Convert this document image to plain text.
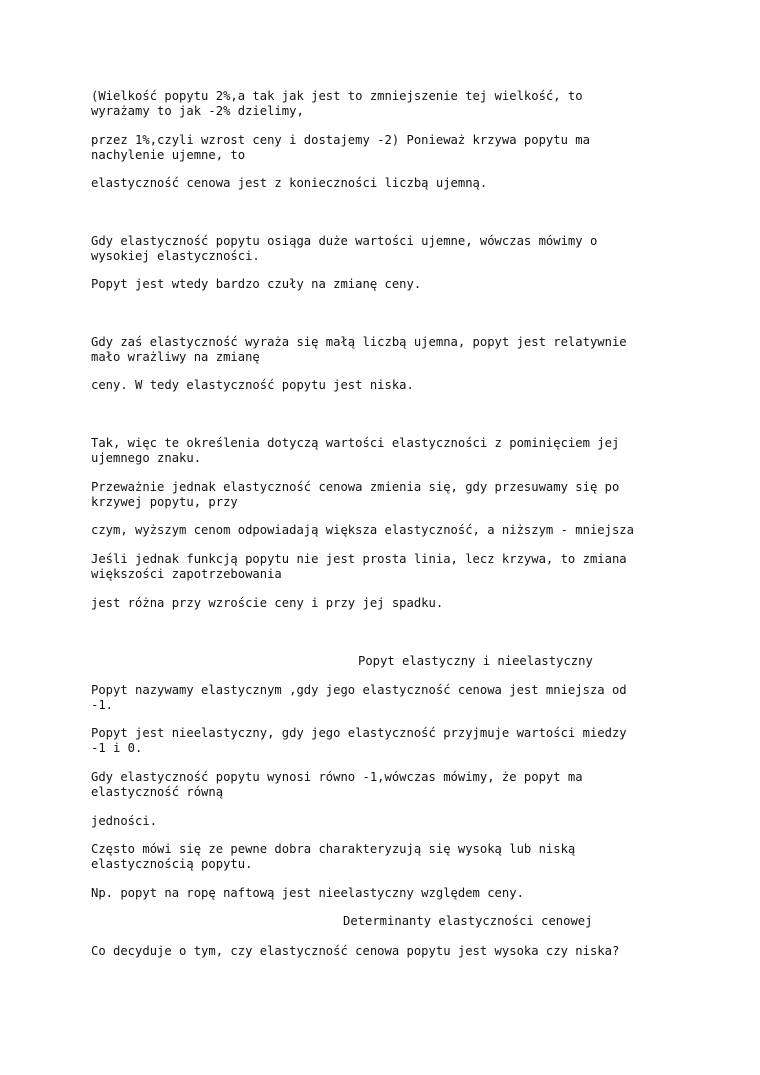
(Wielkość popytu 2%,a tak jak jest to zmniejszenie tej wielkość, to

wyrażamy to jak -2% dzielimy,

przez 1%,czyli wzrost ceny i dostajemy -2) Ponieważ krzywa popytu ma

nachylenie ujemne, to

elastyczność cenowa jest z konieczności liczbą ujemną.

Gdy elastyczność popytu osiąga duże wartości ujemne, wówczas mówimy o

wysokiej elastyczności.

Popyt jest wtedy bardzo czuły na zmianę ceny.

Gdy zaś elastyczność wyraża się małą liczbą ujemna, popyt jest relatywnie

mało wrażliwy na zmianę

ceny. W tedy elastyczność popytu jest niska.

Tak, więc te określenia dotyczą wartości elastyczności z pominięciem jej

ujemnego znaku.

Przeważnie jednak elastyczność cenowa zmienia się, gdy przesuwamy się po

krzywej popytu, przy

czym, wyższym cenom odpowiadają większa elastyczność, a niższym - mniejsza

Jeśli jednak funkcją popytu nie jest prosta linia, lecz krzywa, to zmiana

większości zapotrzebowania

jest różna przy wzroście ceny i przy jej spadku.

Popyt elastyczny i nieelastyczny

Popyt nazywamy elastycznym ,gdy jego elastyczność cenowa jest mniejsza od

-1.

Popyt jest nieelastyczny, gdy jego elastyczność przyjmuje wartości miedzy

-1 i 0.

Gdy elastyczność popytu wynosi równo -1,wówczas mówimy, że popyt ma

elastyczność równą

jedności.

Często mówi się ze pewne dobra charakteryzują się wysoką lub niską

elastycznością popytu.

Np. popyt na ropę naftową jest nieelastyczny względem ceny.

Determinanty elastyczności cenowej

Co decyduje o tym, czy elastyczność cenowa popytu jest wysoka czy niska?
